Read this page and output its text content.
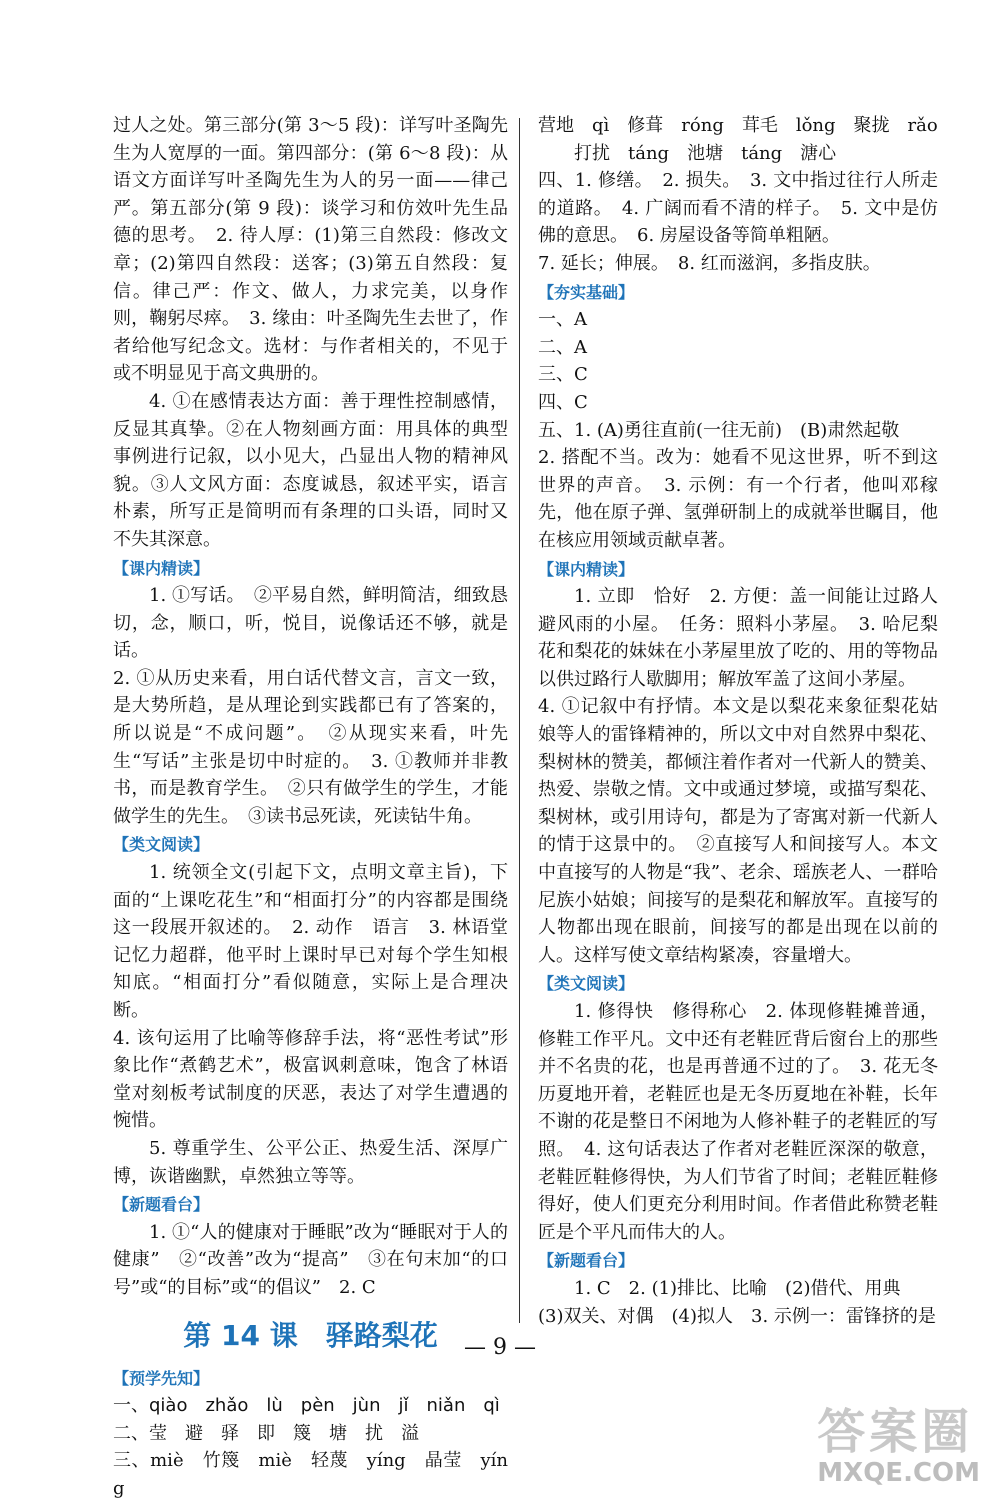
过人之处。第三部分(第 3～5 段)：详写叶圣陶先生为人宽厚的一面。第四部分：(第 6～8 段)：从语文方面详写叶圣陶先生为人的另一面——律己严。第五部分(第 9 段)：谈学习和仿效叶先生品德的思考。　2. 待人厚：(1)第三自然段：修改文章；(2)第四自然段：送客；(3)第五自然段：复信。律己严：作文、做人，力求完美，以身作则，鞠躬尽瘁。　3. 缘由：叶圣陶先生去世了，作者给他写纪念文。选材：与作者相关的，不见于或不明显见于高文典册的。

4. ①在感情表达方面：善于理性控制感情，反显其真挚。②在人物刻画方面：用具体的典型事例进行记叙，以小见大，凸显出人物的精神风貌。③人文风方面：态度诚恳，叙述平实，语言朴素，所写正是简明而有条理的口头语，同时又不失其深意。

【课内精读】

1. ①写话。　②平易自然，鲜明简洁，细致恳切，念，顺口，听，悦目，说像话还不够，就是话。

2. ①从历史来看，用白话代替文言，言文一致，是大势所趋，是从理论到实践都已有了答案的，所以说是“不成问题”。　②从现实来看，叶先生“写话”主张是切中时症的。　3. ①教师并非教书，而是教育学生。　②只有做学生的学生，才能做学生的先生。　③读书忌死读，死读钻牛角。

【类文阅读】

1. 统领全文(引起下文，点明文章主旨)，下面的“上课吃花生”和“相面打分”的内容都是围绕这一段展开叙述的。　2. 动作　语言　3. 林语堂记忆力超群，他平时上课时早已对每个学生知根知底。“相面打分”看似随意，实际上是合理决断。

4. 该句运用了比喻等修辞手法，将“恶性考试”形象比作“煮鹤艺术”，极富讽刺意味，饱含了林语堂对刻板考试制度的厌恶，表达了对学生遭遇的惋惜。

5. 尊重学生、公平公正、热爱生活、深厚广博，诙谐幽默，卓然独立等等。

【新题看台】

1. ①“人的健康对于睡眠”改为“睡眠对于人的健康”　②“改善”改为“提高”　③在句末加“的口号”或“的目标”或“的倡议”　2. C

第 14 课　驿路梨花
【预学先知】

一、qiào　zhǎo　lù　pèn　jùn　jǐ　niǎn　qì

二、莹　避　驿　即　篾　塘　扰　溢

三、miè　竹篾　miè　轻蔑　yíng　晶莹　yíng

营地　qì　修葺　róng　茸毛　lǒng　聚拢　rǎo

打扰　táng　池塘　táng　溏心

四、1. 修缮。　2. 损失。　3. 文中指过往行人所走的道路。　4. 广阔而看不清的样子。　5. 文中是仿佛的意思。　6. 房屋设备等简单粗陋。

7. 延长；伸展。　8. 红而滋润，多指皮肤。

【夯实基础】

一、A

二、A

三、C

四、C

五、1. (A)勇往直前(一往无前)　(B)肃然起敬

2. 搭配不当。改为：她看不见这世界，听不到这世界的声音。　3. 示例：有一个行者，他叫邓稼先，他在原子弹、氢弹研制上的成就举世瞩目，他在核应用领域贡献卓著。

【课内精读】

1. 立即　恰好　2. 方便：盖一间能让过路人避风雨的小屋。　任务：照料小茅屋。　3. 哈尼梨花和梨花的妹妹在小茅屋里放了吃的、用的等物品以供过路行人歇脚用；解放军盖了这间小茅屋。

4. ①记叙中有抒情。本文是以梨花来象征梨花姑娘等人的雷锋精神的，所以文中对自然界中梨花、梨树林的赞美，都倾注着作者对一代新人的赞美、热爱、崇敬之情。文中或通过梦境，或描写梨花、梨树林，或引用诗句，都是为了寄寓对新一代新人的情于这景中的。　②直接写人和间接写人。本文中直接写的人物是“我”、老余、瑶族老人、一群哈尼族小姑娘；间接写的是梨花和解放军。直接写的人物都出现在眼前，间接写的都是出现在以前的人。这样写使文章结构紧凑，容量增大。

【类文阅读】

1. 修得快　修得称心　2. 体现修鞋摊普通，修鞋工作平凡。文中还有老鞋匠背后窗台上的那些并不名贵的花，也是再普通不过的了。　3. 花无冬历夏地开着，老鞋匠也是无冬历夏地在补鞋，长年不谢的花是整日不闲地为人修补鞋子的老鞋匠的写照。　4. 这句话表达了作者对老鞋匠深深的敬意，老鞋匠鞋修得快，为人们节省了时间；老鞋匠鞋修得好，使人们更充分利用时间。作者借此称赞老鞋匠是个平凡而伟大的人。

【新题看台】

1. C　2. (1)排比、比喻　(2)借代、用典

(3)双关、对偶　(4)拟人　3. 示例一：雷锋挤的是

— 9 —
答案圈
MXQE.COM
